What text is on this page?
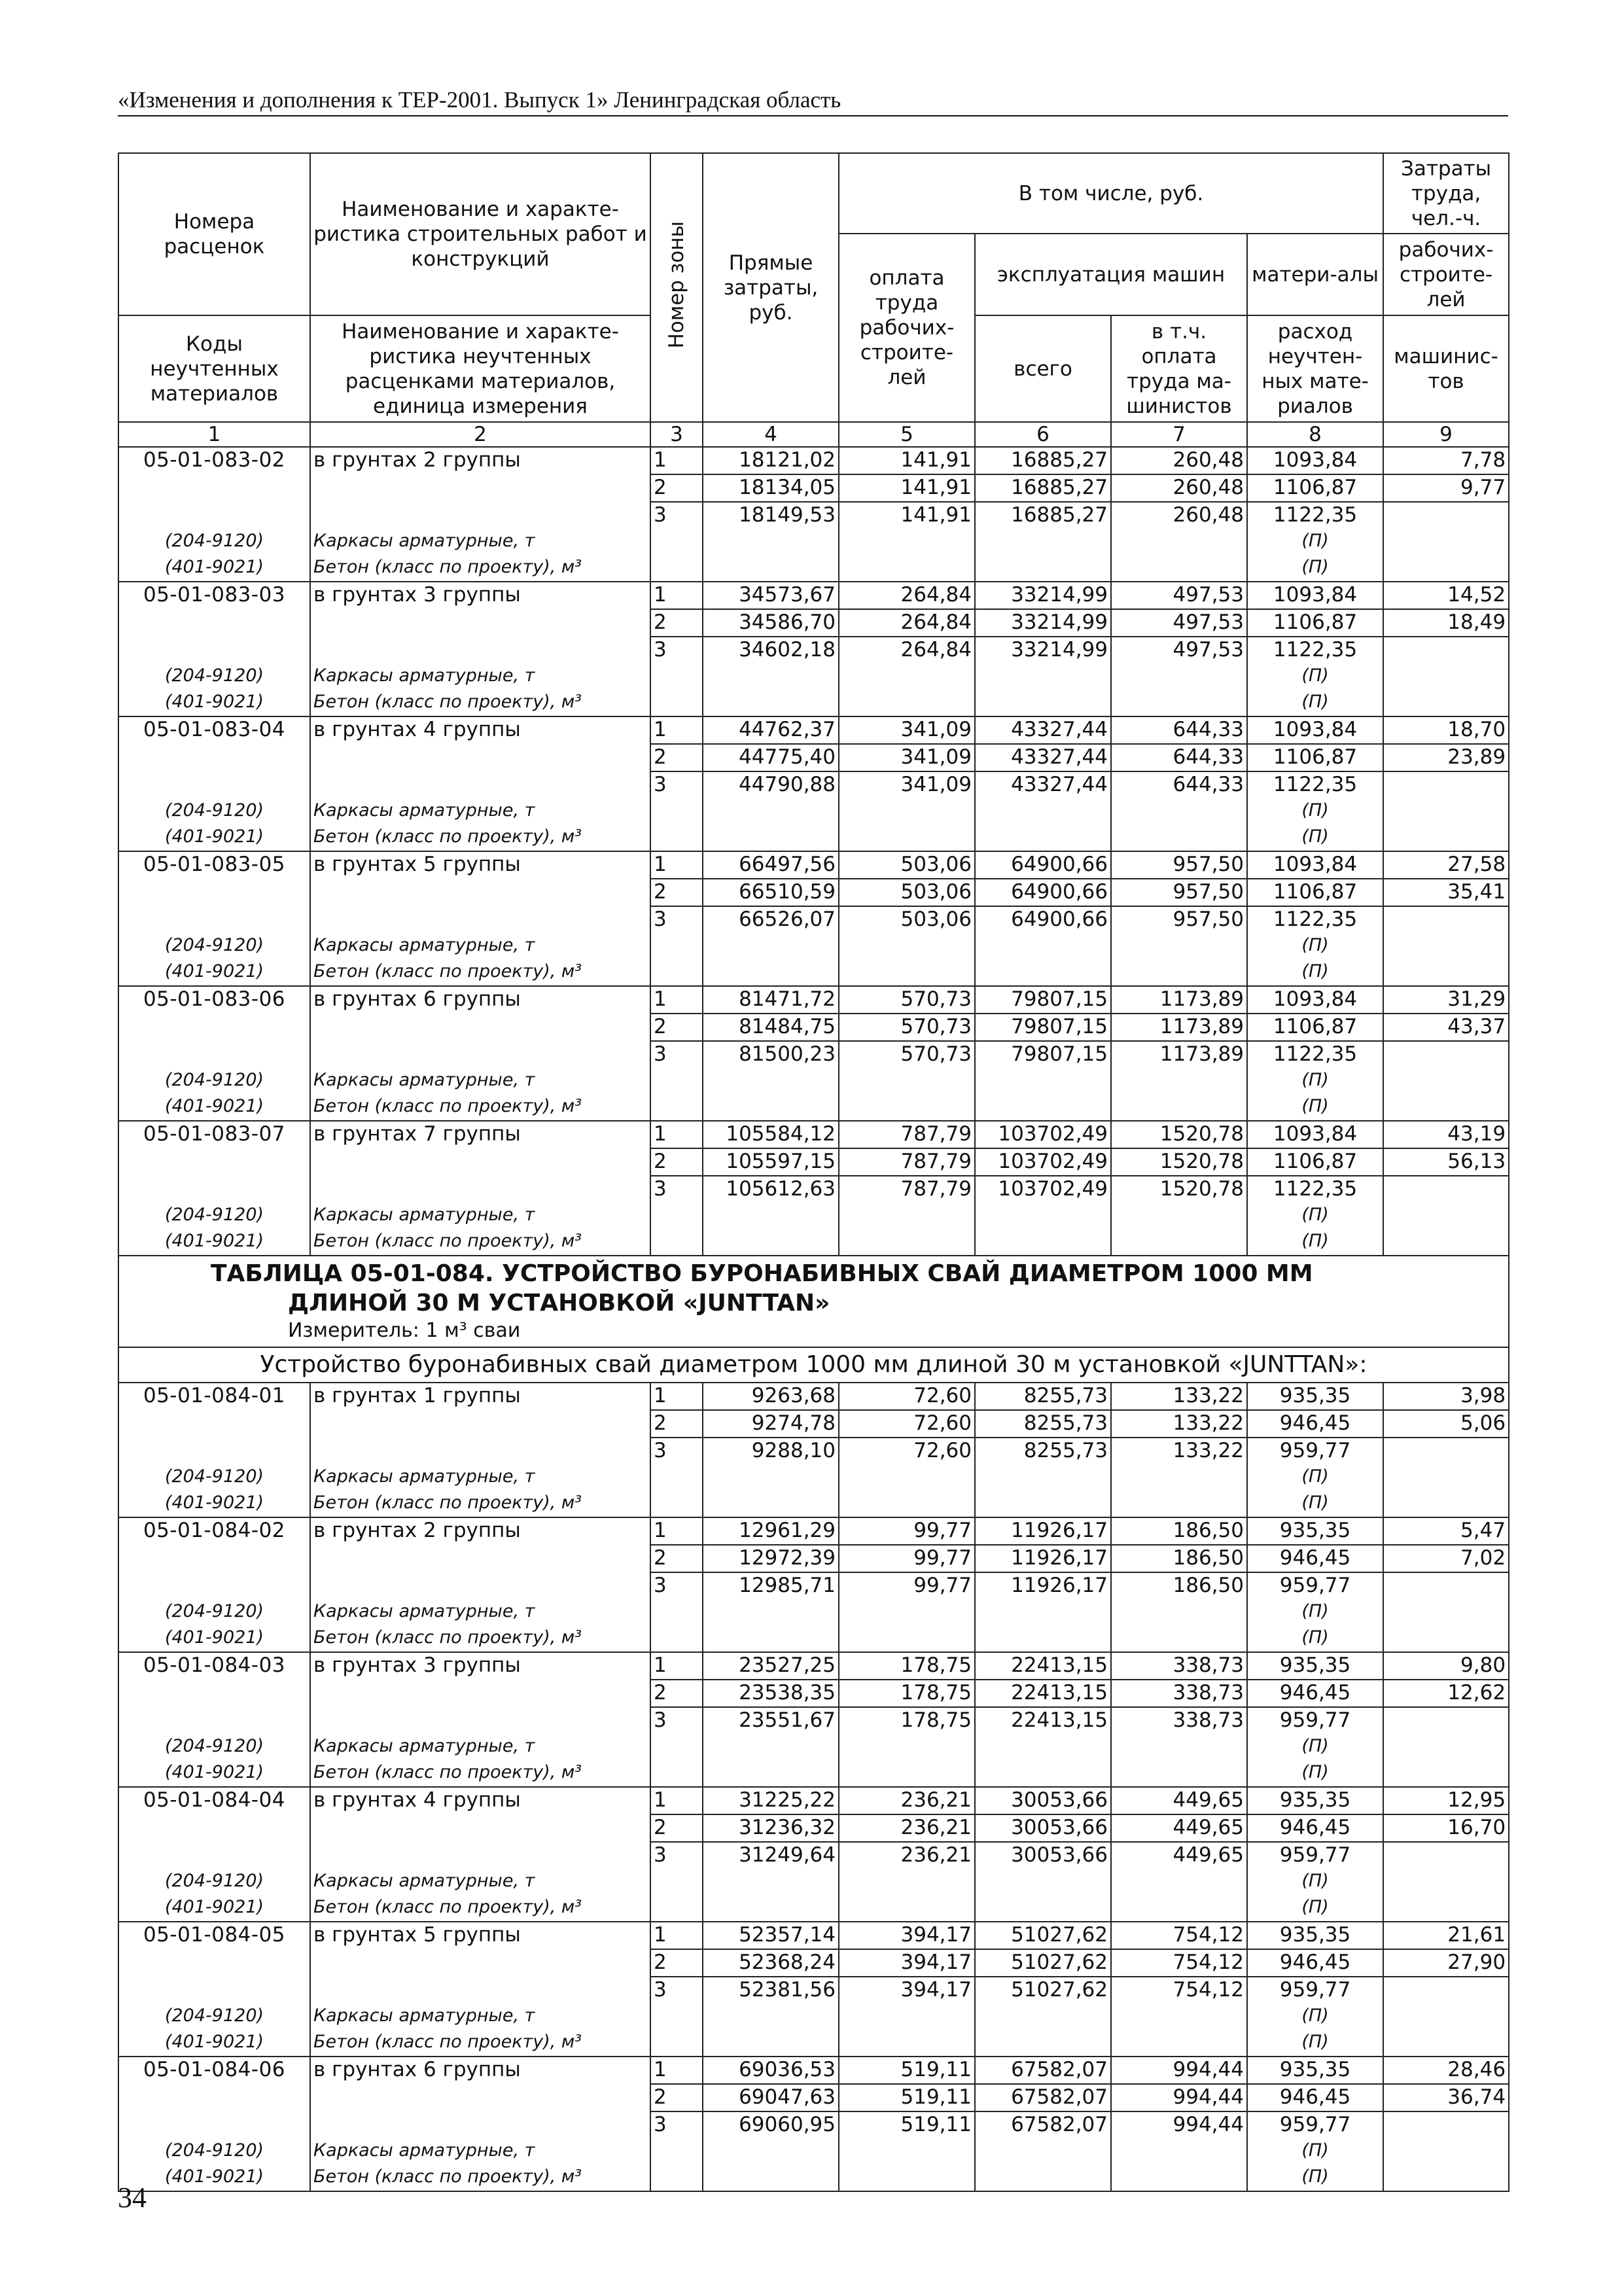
«Изменения и дополнения к ТЕР-2001. Выпуск 1» Ленинградская область
Номера расценок	Наименование и характе-ристика строительных работ и конструкций	Номер зоны	Прямые затраты, руб.	В том числе, руб.				Затраты труда, чел.-ч.
				оплата труда рабочих-строите-лей	эксплуатация машин		матери-алы	рабочих-строите-лей

Коды неучтенных материалов	Наименование и характе-ристика неучтенных расценками материалов, единица измерения				всего	в т.ч. оплата труда ма-шинистов	расход неучтен-ных мате-риалов	машинис-тов
1	2	3	4	5	6	7	8	9
05-01-083-02	в грунтах 2 группы	1	18121,02	141,91	16885,27	260,48	1093,84	7,78
		2	18134,05	141,91	16885,27	260,48	1106,87	9,77
		3	18149,53	141,91	16885,27	260,48	1122,35	
(204-9120)	Каркасы арматурные, т						(П)	
(401-9021)	Бетон (класс по проекту), м³						(П)	
05-01-083-03	в грунтах 3 группы	1	34573,67	264,84	33214,99	497,53	1093,84	14,52
		2	34586,70	264,84	33214,99	497,53	1106,87	18,49
		3	34602,18	264,84	33214,99	497,53	1122,35	
(204-9120)	Каркасы арматурные, т						(П)	
(401-9021)	Бетон (класс по проекту), м³						(П)	
05-01-083-04	в грунтах 4 группы	1	44762,37	341,09	43327,44	644,33	1093,84	18,70
		2	44775,40	341,09	43327,44	644,33	1106,87	23,89
		3	44790,88	341,09	43327,44	644,33	1122,35	
(204-9120)	Каркасы арматурные, т						(П)	
(401-9021)	Бетон (класс по проекту), м³						(П)	
05-01-083-05	в грунтах 5 группы	1	66497,56	503,06	64900,66	957,50	1093,84	27,58
		2	66510,59	503,06	64900,66	957,50	1106,87	35,41
		3	66526,07	503,06	64900,66	957,50	1122,35	
(204-9120)	Каркасы арматурные, т						(П)	
(401-9021)	Бетон (класс по проекту), м³						(П)	
05-01-083-06	в грунтах 6 группы	1	81471,72	570,73	79807,15	1173,89	1093,84	31,29
		2	81484,75	570,73	79807,15	1173,89	1106,87	43,37
		3	81500,23	570,73	79807,15	1173,89	1122,35	
(204-9120)	Каркасы арматурные, т						(П)	
(401-9021)	Бетон (класс по проекту), м³						(П)	
05-01-083-07	в грунтах 7 группы	1	105584,12	787,79	103702,49	1520,78	1093,84	43,19
		2	105597,15	787,79	103702,49	1520,78	1106,87	56,13
		3	105612,63	787,79	103702,49	1520,78	1122,35	
(204-9120)	Каркасы арматурные, т						(П)	
(401-9021)	Бетон (класс по проекту), м³						(П)	

ТАБЛИЦА 05-01-084. УСТРОЙСТВО БУРОНАБИВНЫХ СВАЙ ДИАМЕТРОМ 1000 ММ
ДЛИНОЙ 30 М УСТАНОВКОЙ «JUNTTAN»
Измеритель: 1 м³ сваи								

Устройство буронабивных свай диаметром 1000 мм длиной 30 м установкой «JUNTTAN»:								
05-01-084-01	в грунтах 1 группы	1	9263,68	72,60	8255,73	133,22	935,35	3,98
		2	9274,78	72,60	8255,73	133,22	946,45	5,06
		3	9288,10	72,60	8255,73	133,22	959,77	
(204-9120)	Каркасы арматурные, т						(П)	
(401-9021)	Бетон (класс по проекту), м³						(П)	
05-01-084-02	в грунтах 2 группы	1	12961,29	99,77	11926,17	186,50	935,35	5,47
		2	12972,39	99,77	11926,17	186,50	946,45	7,02
		3	12985,71	99,77	11926,17	186,50	959,77	
(204-9120)	Каркасы арматурные, т						(П)	
(401-9021)	Бетон (класс по проекту), м³						(П)	
05-01-084-03	в грунтах 3 группы	1	23527,25	178,75	22413,15	338,73	935,35	9,80
		2	23538,35	178,75	22413,15	338,73	946,45	12,62
		3	23551,67	178,75	22413,15	338,73	959,77	
(204-9120)	Каркасы арматурные, т						(П)	
(401-9021)	Бетон (класс по проекту), м³						(П)	
05-01-084-04	в грунтах 4 группы	1	31225,22	236,21	30053,66	449,65	935,35	12,95
		2	31236,32	236,21	30053,66	449,65	946,45	16,70
		3	31249,64	236,21	30053,66	449,65	959,77	
(204-9120)	Каркасы арматурные, т						(П)	
(401-9021)	Бетон (класс по проекту), м³						(П)	
05-01-084-05	в грунтах 5 группы	1	52357,14	394,17	51027,62	754,12	935,35	21,61
		2	52368,24	394,17	51027,62	754,12	946,45	27,90
		3	52381,56	394,17	51027,62	754,12	959,77	
(204-9120)	Каркасы арматурные, т						(П)	
(401-9021)	Бетон (класс по проекту), м³						(П)	
05-01-084-06	в грунтах 6 группы	1	69036,53	519,11	67582,07	994,44	935,35	28,46
		2	69047,63	519,11	67582,07	994,44	946,45	36,74
		3	69060,95	519,11	67582,07	994,44	959,77	
(204-9120)	Каркасы арматурные, т						(П)	
(401-9021)	Бетон (класс по проекту), м³						(П)	
34
